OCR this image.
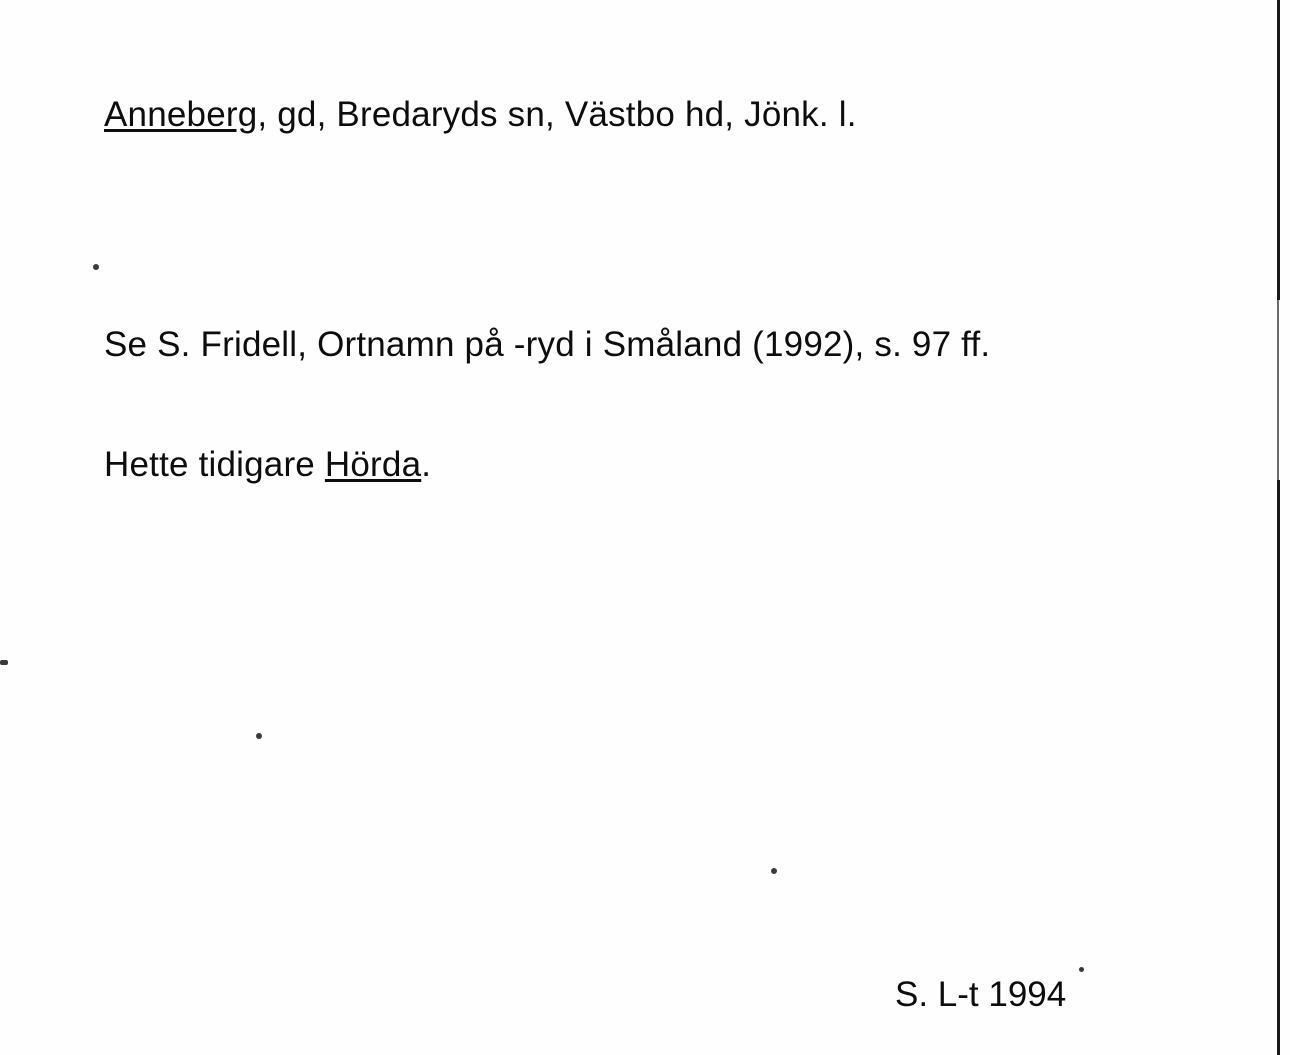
Anneberg, gd, Bredaryds sn, Västbo hd, Jönk. l.
Se S. Fridell, Ortnamn på -ryd i Småland (1992), s. 97 ff.
Hette tidigare Hörda.
S. L-t 1994
